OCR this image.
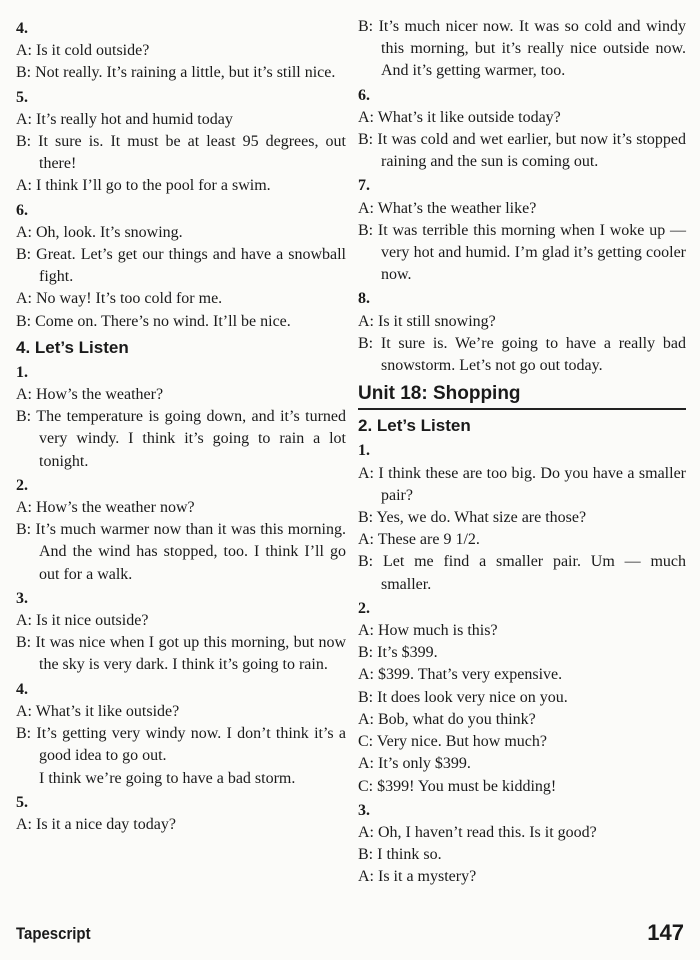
4.
A: Is it cold outside?
B: Not really. It’s raining a little, but it’s still nice.
5.
A: It’s really hot and humid today
B: It sure is. It must be at least 95 degrees, out there!
A: I think I’ll go to the pool for a swim.
6.
A: Oh, look. It’s snowing.
B: Great. Let’s get our things and have a snowball fight.
A: No way! It’s too cold for me.
B: Come on. There’s no wind. It’ll be nice.
4. Let’s Listen
1.
A: How’s the weather?
B: The temperature is going down, and it’s turned very windy. I think it’s going to rain a lot tonight.
2.
A: How’s the weather now?
B: It’s much warmer now than it was this morning. And the wind has stopped, too. I think I’ll go out for a walk.
3.
A: Is it nice outside?
B: It was nice when I got up this morning, but now the sky is very dark. I think it’s going to rain.
4.
A: What’s it like outside?
B: It’s getting very windy now. I don’t think it’s a good idea to go out.
I think we’re going to have a bad storm.
5.
A: Is it a nice day today?
B: It’s much nicer now. It was so cold and windy this morning, but it’s really nice outside now. And it’s getting warmer, too.
6.
A: What’s it like outside today?
B: It was cold and wet earlier, but now it’s stopped raining and the sun is coming out.
7.
A: What’s the weather like?
B: It was terrible this morning when I woke up — very hot and humid. I’m glad it’s getting cooler now.
8.
A: Is it still snowing?
B: It sure is. We’re going to have a really bad snowstorm. Let’s not go out today.
Unit 18: Shopping
2. Let’s Listen
1.
A: I think these are too big. Do you have a smaller pair?
B: Yes, we do. What size are those?
A: These are 9 1/2.
B: Let me find a smaller pair. Um — much smaller.
2.
A: How much is this?
B: It’s $399.
A: $399. That’s very expensive.
B: It does look very nice on you.
A: Bob, what do you think?
C: Very nice. But how much?
A: It’s only $399.
C: $399! You must be kidding!
3.
A: Oh, I haven’t read this. Is it good?
B: I think so.
A: Is it a mystery?
Tapescript	147
